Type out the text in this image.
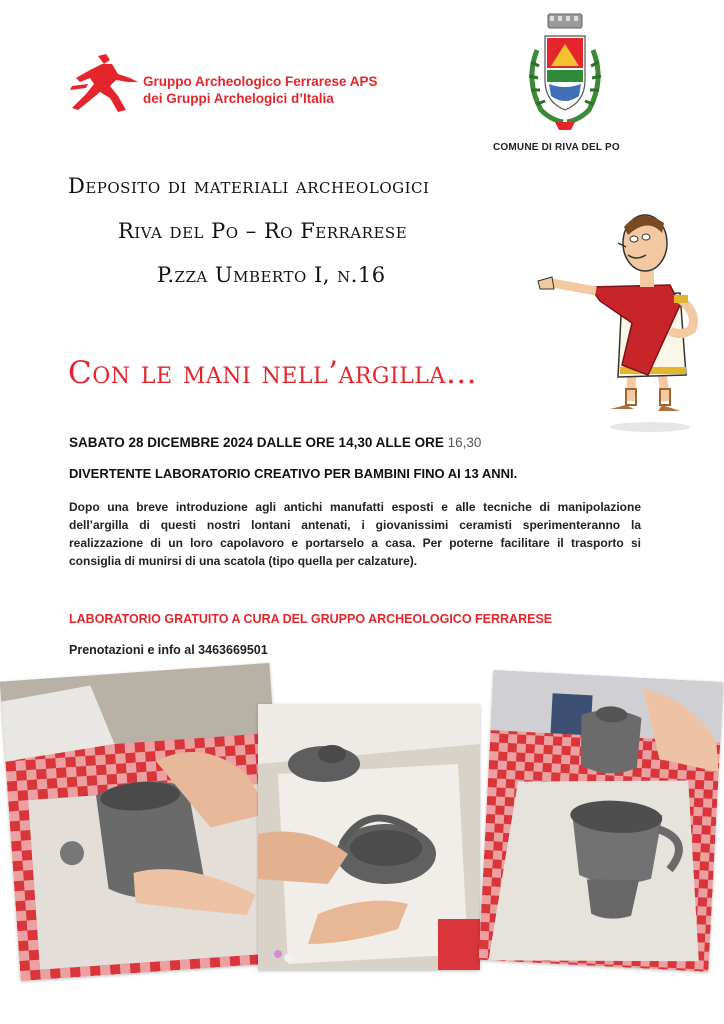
Gruppo Archeologico Ferrarese APS
dei Gruppi Archelogici d’Italia
COMUNE DI RIVA DEL PO
Deposito di materiali archeologici
Riva del Po – Ro Ferrarese
P.zza Umberto I, n.16
Con le mani nell’argilla…
SABATO 28 DICEMBRE 2024 DALLE ORE 14,30 ALLE ORE 16,30
DIVERTENTE LABORATORIO CREATIVO PER BAMBINI FINO AI 13 ANNI.
Dopo una breve introduzione agli antichi manufatti esposti e alle tecniche di manipolazione dell’argilla di questi nostri lontani antenati, i giovanissimi ceramisti sperimenteranno la realizzazione di un loro capolavoro e portarselo a casa. Per poterne facilitare il trasporto si consiglia di munirsi di una scatola (tipo quella per calzature).
LABORATORIO GRATUITO A CURA DEL GRUPPO ARCHEOLOGICO FERRARESE
Prenotazioni e info al 3463669501
